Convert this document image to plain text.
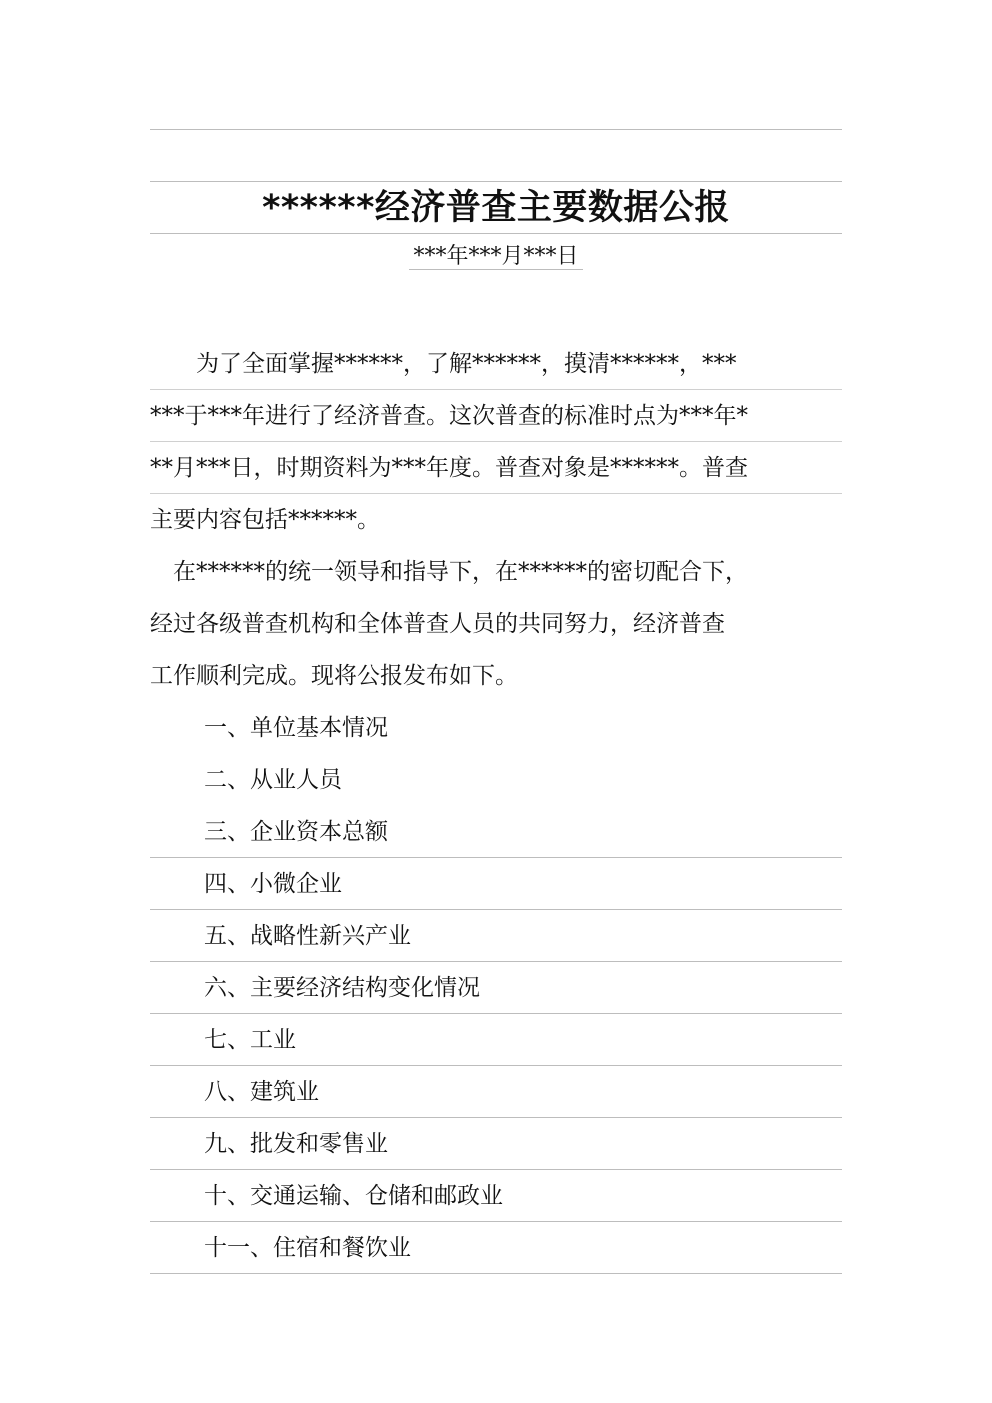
******经济普查主要数据公报
***年***月***日
　　为了全面掌握******，了解******，摸清******，***
***于***年进行了经济普查。这次普查的标准时点为***年*
**月***日，时期资料为***年度。普查对象是******。普查
主要内容包括******。
　在******的统一领导和指导下，在******的密切配合下，
经过各级普查机构和全体普查人员的共同努力，经济普查
工作顺利完成。现将公报发布如下。
一、单位基本情况
二、从业人员
三、企业资本总额
四、小微企业
五、战略性新兴产业
六、主要经济结构变化情况
七、工业
八、建筑业
九、批发和零售业
十、交通运输、仓储和邮政业
十一、住宿和餐饮业
